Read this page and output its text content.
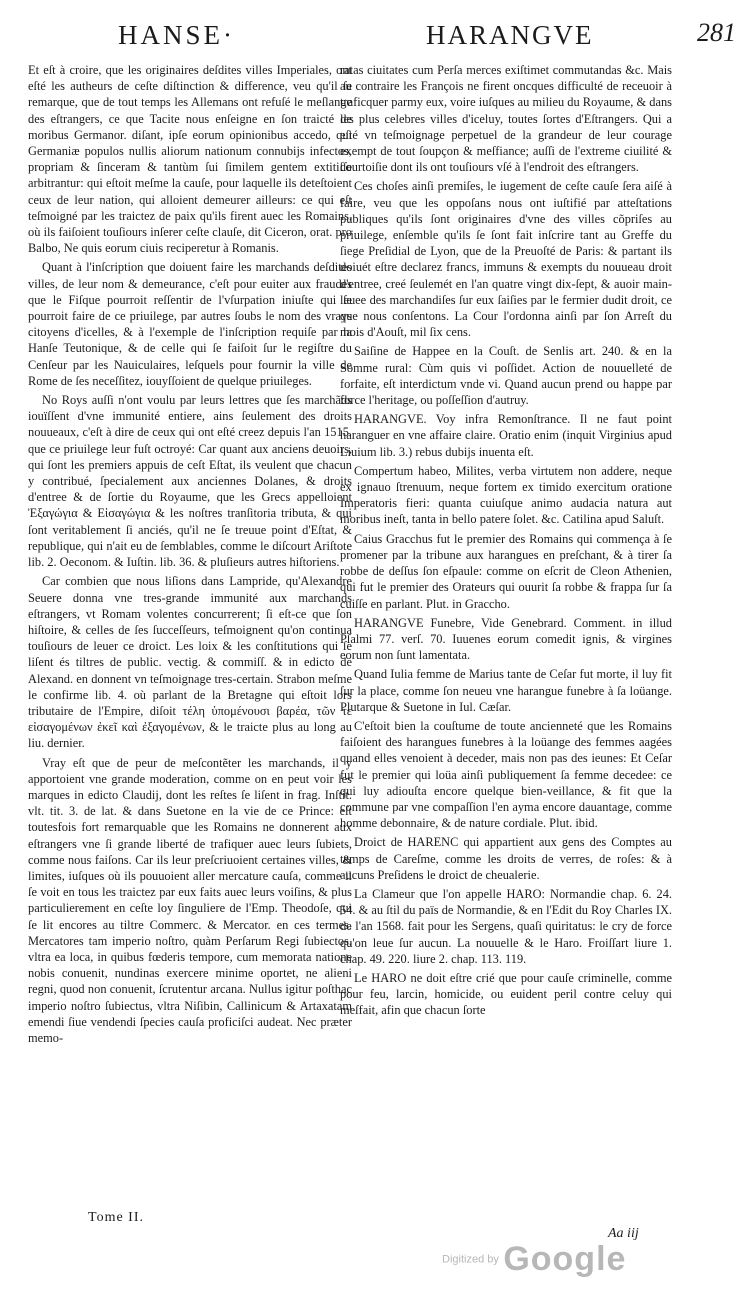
HANSE·	HARANGVE	281

Et eſt à croire, que les originaires deſdites villes Imperiales, ont eſté les autheurs de ceſte diſtinction & difference, veu qu'il ſe remarque, que de tout temps les Allemans ont refuſé le meſlange des eſtrangers, ce que Tacite nous enſeigne en ſon traicté de moribus Germanor. diſant, ipſe eorum opinionibus accedo, qui Germaniæ populos nullis aliorum nationum connubijs infectos, propriam & ſinceram & tantùm ſui ſimilem gentem extitiſſe arbitrantur: qui eſtoit meſme la cauſe, pour laquelle ils deteſtoient ceux de leur nation, qui alloient demeurer ailleurs: ce qui eſt teſmoigné par les traictez de paix qu'ils firent auec les Romains, où ils faiſoient touſiours inſerer ceſte clauſe, dit Ciceron, orat. pro Balbo, Ne quis eorum ciuis reciperetur à Romanis.

Quant à l'inſcription que doiuent faire les marchands deſdites villes, de leur nom & demeurance, c'eſt pour euiter aux fraudes que le Fiſque pourroit reſſentir de l'vſurpation iniuſte qui ſe pourroit faire de ce priuilege, par autres ſoubs le nom des vrays citoyens d'icelles, & à l'exemple de l'inſcription requiſe par la Hanſe Teutonique, & de celle qui ſe faiſoit ſur le regiſtre du Cenſeur par les Nauiculaires, leſquels pour fournir la ville de Rome de ſes neceſſitez, iouyſſoient de quelque priuileges.

No Roys auſſi n'ont voulu par leurs lettres que ſes marchãds iouïſſent d'vne immunité entiere, ains ſeulement des droits nouueaux, c'eſt à dire de ceux qui ont eſté creez depuis l'an 1515. que ce priuilege leur fuſt octroyé: Car quant aux anciens deuoirs, qui ſont les premiers appuis de ceſt Eſtat, ils veulent que chacun y contribué, ſpecialement aux anciennes Dolanes, & droits d'entree & de ſortie du Royaume, que les Grecs appelloient Ἐξαγώγια & Εἰσαγώγια & les noſtres tranſitoria tributa, & qui ſont veritablement ſi anciés, qu'il ne ſe treuue point d'Eſtat, & republique, qui n'ait eu de ſemblables, comme le diſcourt Ariſtote lib. 2. Oeconom. & Iuſtin. lib. 36. & pluſieurs autres hiſtoriens.

Car combien que nous liſions dans Lampride, qu'Alexandre Seuere donna vne tres-grande immunité aux marchands eſtrangers, vt Romam volentes concurrerent; ſi eſt-ce que ſon hiſtoire, & celles de ſes ſucceſſeurs, teſmoignent qu'on continua touſiours de leuer ce droict. Les loix & les conſtitutions qui ſe liſent és tiltres de public. vectig. & commiſſ. & in edicto de Alexand. en donnent vn teſmoignage tres-certain. Strabon meſme le confirme lib. 4. où parlant de la Bretagne qui eſtoit lors tributaire de l'Empire, diſoit τέλη ὑπομένουσι βαρέα, τῶν τε εἰσαγομένων ἐκεῖ καὶ ἐξαγομένων, & le traicte plus au long au liu. dernier.

Vray eſt que de peur de meſcontẽter les marchands, il y apportoient vne grande moderation, comme on en peut voir les marques in edicto Claudij, dont les reſtes ſe liſent in frag. Inſtit. vlt. tit. 3. de lat. & dans Suetone en la vie de ce Prince: eſt toutesfois fort remarquable que les Romains ne donnerent aux eſtrangers vne ſi grande liberté de trafiquer auec leurs ſubiets, comme nous faiſons. Car ils leur preſcriuoient certaines villes, & limites, iuſques où ils pouuoient aller mercature cauſa, comme il ſe voit en tous les traictez par eux faits auec leurs voiſins, & plus particulierement en ceſte loy ſinguliere de l'Emp. Theodoſe, qui ſe lit encores au tiltre Commerc. & Mercator. en ces termes. Mercatores tam imperio noſtro, quàm Perſarum Regi ſubiectos, vltra ea loca, in quibus fœderis tempore, cum memorata natione nobis conuenit, nundinas exercere minime oportet, ne alieni regni, quod non conuenit, ſcrutentur arcana. Nullus igitur poſthac imperio noſtro ſubiectus, vltra Niſibin, Callinicum & Artaxatam emendi ſiue vendendi ſpecies cauſa proficiſci audeat. Nec præter memo-

ratas ciuitates cum Perſa merces exiſtimet commutandas &c. Mais au contraire les François ne firent oncques difficulté de receuoir à traficquer parmy eux, voire iuſques au milieu du Royaume, & dans les plus celebres villes d'iceluy, toutes ſortes d'Eſtrangers. Qui a eſté vn teſmoignage perpetuel de la grandeur de leur courage exempt de tout ſoupçon & meſfiance; auſſi de l'extreme ciuilité & courtoiſie dont ils ont touſiours vſé à l'endroit des eſtrangers.

Ces choſes ainſi premiſes, le iugement de ceſte cauſe ſera aiſé à faire, veu que les oppoſans nous ont iuſtifié par atteſtations publiques qu'ils ſont originaires d'vne des villes cõpriſes au priuilege, enſemble qu'ils ſe ſont fait inſcrire tant au Greffe du ſiege Preſidial de Lyon, que de la Preuoſté de Paris: & partant ils doiuét eſtre declarez francs, immuns & exempts du nouueau droit d'entree, creé ſeulemét en l'an quatre vingt dix-ſept, & auoir main-leuee des marchandiſes ſur eux ſaiſies par le fermier dudit droit, ce que nous conſentons. La Cour l'ordonna ainſi par ſon Arreſt du mois d'Aouſt, mil ſix cens.

Saiſine de Happee en la Couſt. de Senlis art. 240. & en la Somme rural: Cùm quis vi poſſidet. Action de nouuelleté de forfaite, eſt interdictum vnde vi. Quand aucun prend ou happe par force l'heritage, ou poſſeſſion d'autruy.

HARANGVE. Voy infra Remonſtrance. Il ne faut point haranguer en vne affaire claire. Oratio enim (inquit Virginius apud Liuium lib. 3.) rebus dubijs inuenta eſt.

Compertum habeo, Milites, verba virtutem non addere, neque ex ignauo ſtrenuum, neque fortem ex timido exercitum oratione Imperatoris fieri: quanta cuiuſque animo audacia natura aut moribus ineſt, tanta in bello patere ſolet. &c. Catilina apud Saluſt.

Caius Gracchus fut le premier des Romains qui commença à ſe promener par la tribune aux harangues en preſchant, & à tirer ſa robbe de deſſus ſon eſpaule: comme on eſcrit de Cleon Athenien, qui fut le premier des Orateurs qui ouurit ſa robbe & frappa ſur ſa cuiſſe en parlant. Plut. in Graccho.

HARANGVE Funebre, Vide Genebrard. Comment. in illud Pſalmi 77. verſ. 70. Iuuenes eorum comedit ignis, & virgines eorum non ſunt lamentata.

Quand Iulia femme de Marius tante de Ceſar fut morte, il luy fit ſur la place, comme ſon neueu vne harangue funebre à ſa loüange. Plutarque & Suetone in Iul. Cæſar.

C'eſtoit bien la couſtume de toute ancienneté que les Romains faiſoient des harangues funebres à la loüange des femmes aagées quand elles venoient à deceder, mais non pas des ieunes: Et Ceſar fut le premier qui loüa ainſi publiquement ſa femme decedee: ce qui luy adiouſta encore quelque bien-veillance, & fit que la commune par vne compaſſion l'en ayma encore dauantage, comme homme debonnaire, & de nature cordiale. Plut. ibid.

Droict de HARENC qui appartient aux gens des Comptes au temps de Careſme, comme les droits de verres, de roſes: & à aucuns Preſidens le droict de cheualerie.

La Clameur que l'on appelle HARO: Normandie chap. 6. 24. 54. & au ſtil du païs de Normandie, & en l'Edit du Roy Charles IX. de l'an 1568. fait pour les Sergens, quaſi quiritatus: le cry de force qu'on leue ſur aucun. La nouuelle & le Haro. Froiſſart liure 1. chap. 49. 220. liure 2. chap. 113. 119.

Le HARO ne doit eſtre crié que pour cauſe criminelle, comme pour feu, larcin, homicide, ou euident peril contre celuy qui meſfait, afin que chacun ſorte

Tome II.
Aa iij
Digitized by Google
